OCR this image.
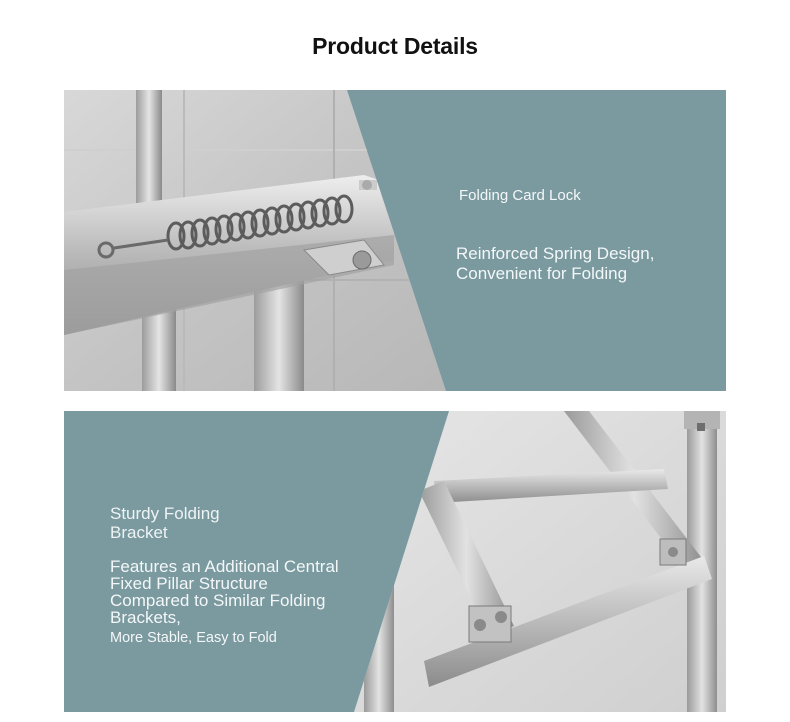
Product Details
Folding Card Lock
Reinforced Spring Design,
Convenient for Folding
Sturdy Folding
Bracket
Features an Additional Central
Fixed Pillar Structure
Compared to Similar Folding
Brackets,
More Stable, Easy to Fold
